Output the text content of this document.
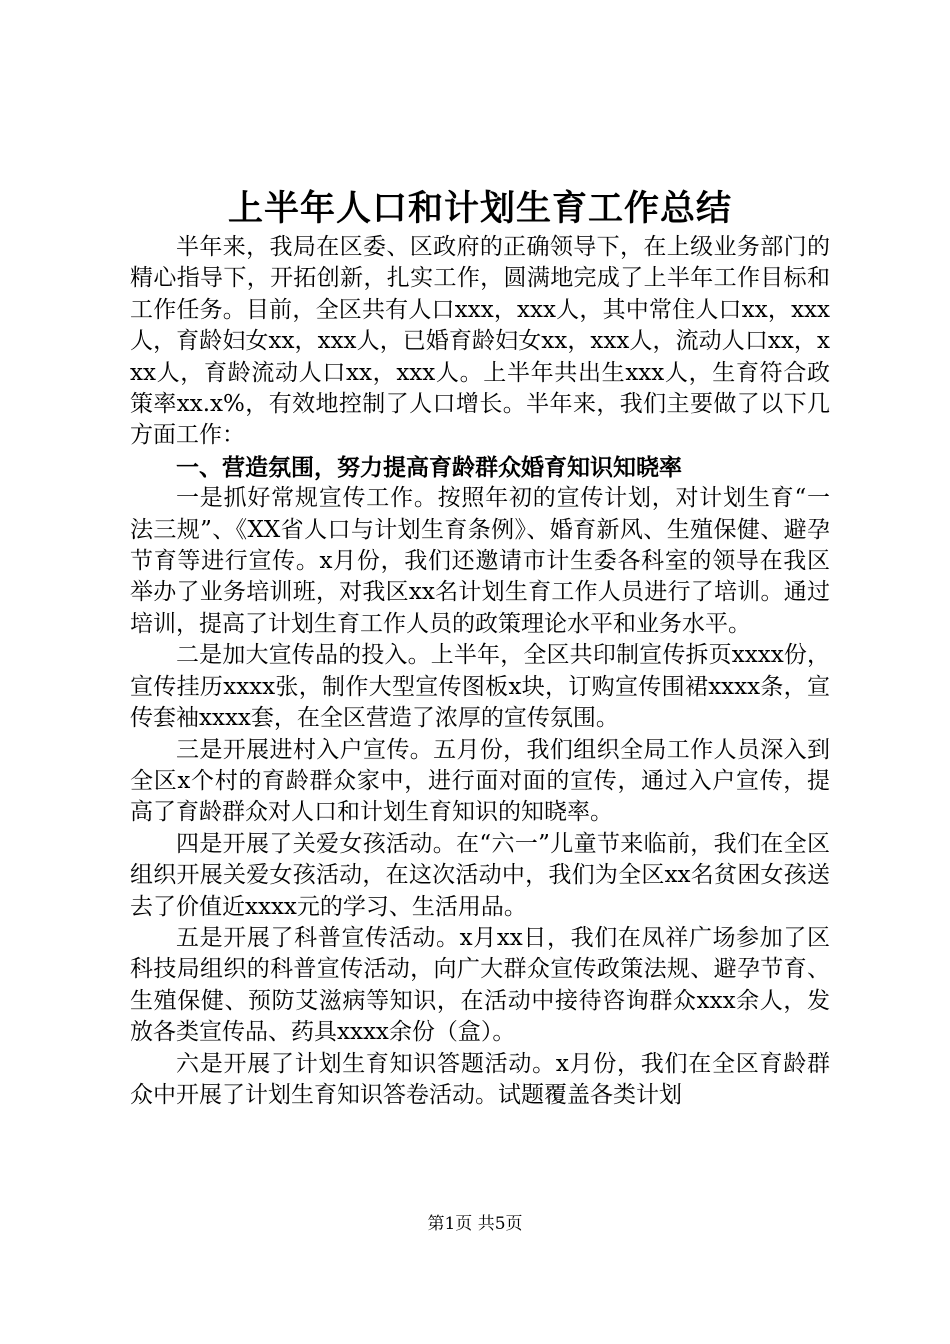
上半年人口和计划生育工作总结

半年来，我局在区委、区政府的正确领导下，在上级业务部门的精心指导下，开拓创新，扎实工作，圆满地完成了上半年工作目标和工作任务。目前，全区共有人口xxx，xxx人，其中常住人口xx，xxx人，育龄妇女xx，xxx人，已婚育龄妇女xx，xxx人，流动人口xx，xxx人，育龄流动人口xx，xxx人。上半年共出生xxx人，生育符合政策率xx.x%，有效地控制了人口增长。半年来，我们主要做了以下几方面工作：

一、营造氛围，努力提高育龄群众婚育知识知晓率

一是抓好常规宣传工作。按照年初的宣传计划，对计划生育“一法三规”、《XX省人口与计划生育条例》、婚育新风、生殖保健、避孕节育等进行宣传。x月份，我们还邀请市计生委各科室的领导在我区举办了业务培训班，对我区xx名计划生育工作人员进行了培训。通过培训，提高了计划生育工作人员的政策理论水平和业务水平。

二是加大宣传品的投入。上半年，全区共印制宣传拆页xxxx份，宣传挂历xxxx张，制作大型宣传图板x块，订购宣传围裙xxxx条，宣传套袖xxxx套，在全区营造了浓厚的宣传氛围。

三是开展进村入户宣传。五月份，我们组织全局工作人员深入到全区x个村的育龄群众家中，进行面对面的宣传，通过入户宣传，提高了育龄群众对人口和计划生育知识的知晓率。

四是开展了关爱女孩活动。在“六一”儿童节来临前，我们在全区组织开展关爱女孩活动，在这次活动中，我们为全区xx名贫困女孩送去了价值近xxxx元的学习、生活用品。

五是开展了科普宣传活动。x月xx日，我们在凤祥广场参加了区科技局组织的科普宣传活动，向广大群众宣传政策法规、避孕节育、生殖保健、预防艾滋病等知识，在活动中接待咨询群众xxx余人，发放各类宣传品、药具xxxx余份（盒）。

六是开展了计划生育知识答题活动。x月份，我们在全区育龄群众中开展了计划生育知识答卷活动。试题覆盖各类计划

第1页 共5页
